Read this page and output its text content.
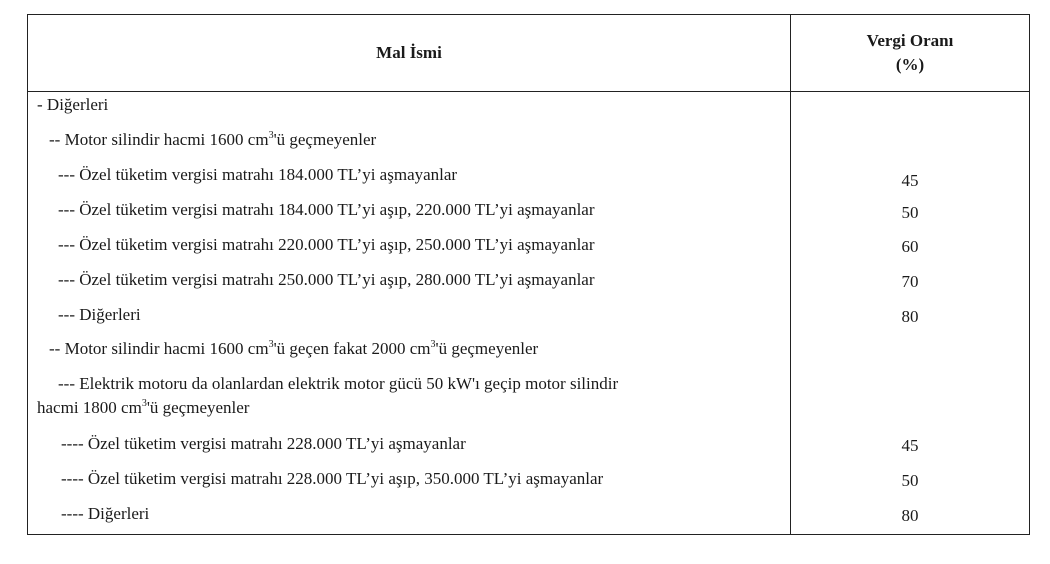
Mal İsmi
Vergi Oranı
(%)
- Diğerleri
-- Motor silindir hacmi 1600 $cm^3'ü$ geçmeyenler
--- Özel tüketim vergisi matrahı 184.000 TL’yi aşmayanlar	45
--- Özel tüketim vergisi matrahı 184.000 TL’yi aşıp, 220.000 TL’yi aşmayanlar	50
--- Özel tüketim vergisi matrahı 220.000 TL’yi aşıp, 250.000 TL’yi aşmayanlar	60
--- Özel tüketim vergisi matrahı 250.000 TL’yi aşıp, 280.000 TL’yi aşmayanlar	70
--- Diğerleri	80
-- Motor silindir hacmi 1600 $cm^3'ü$ geçen fakat 2000 $cm^3'ü$ geçmeyenler
--- Elektrik motoru da olanlardan elektrik motor gücü 50 kW'ı geçip motor silindir
hacmi 1800 $cm^3'ü$ geçmeyenler
---- Özel tüketim vergisi matrahı 228.000 TL’yi aşmayanlar	45
---- Özel tüketim vergisi matrahı 228.000 TL’yi aşıp, 350.000 TL’yi aşmayanlar	50
---- Diğerleri	80
